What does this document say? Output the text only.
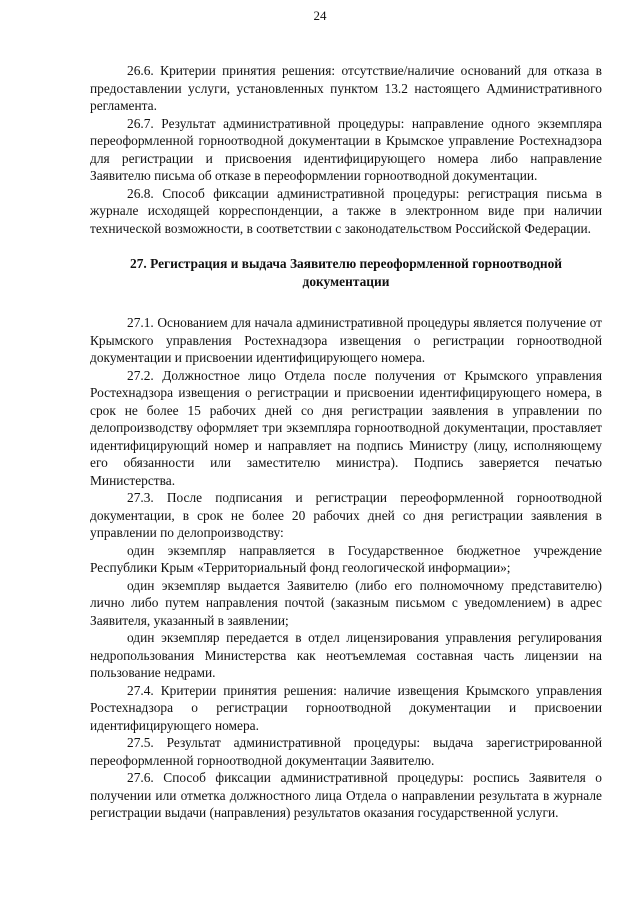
24

26.6. Критерии принятия решения: отсутствие/наличие оснований для отказа в предоставлении услуги, установленных пунктом 13.2 настоящего Административного регламента.

26.7. Результат административной процедуры: направление одного экземпляра переоформленной горноотводной документации в Крымское управление Ростехнадзора для регистрации и присвоения идентифицирующего номера либо направление Заявителю письма об отказе в переоформлении горноотводной документации.

26.8. Способ фиксации административной процедуры: регистрация письма в журнале исходящей корреспонденции, а также в электронном виде при наличии технической возможности, в соответствии с законодательством Российской Федерации.

27. Регистрация и выдача Заявителю переоформленной горноотводной документации

27.1. Основанием для начала административной процедуры является получение от Крымского управления Ростехнадзора извещения о регистрации горноотводной документации и присвоении идентифицирующего номера.

27.2. Должностное лицо Отдела после получения от Крымского управления Ростехнадзора извещения о регистрации и присвоении идентифицирующего номера, в срок не более 15 рабочих дней со дня регистрации заявления в управлении по делопроизводству оформляет три экземпляра горноотводной документации, проставляет идентифицирующий номер и направляет на подпись Министру (лицу, исполняющему его обязанности или заместителю министра). Подпись заверяется печатью Министерства.

27.3. После подписания и регистрации переоформленной горноотводной документации, в срок не более 20 рабочих дней со дня регистрации заявления в управлении по делопроизводству:

один экземпляр направляется в Государственное бюджетное учреждение Республики Крым «Территориальный фонд геологической информации»;

один экземпляр выдается Заявителю (либо его полномочному представителю) лично либо путем направления почтой (заказным письмом с уведомлением) в адрес Заявителя, указанный в заявлении;

один экземпляр передается в отдел лицензирования управления регулирования недропользования Министерства как неотъемлемая составная часть лицензии на пользование недрами.

27.4. Критерии принятия решения: наличие извещения Крымского управления Ростехнадзора о регистрации горноотводной документации и присвоении идентифицирующего номера.

27.5. Результат административной процедуры: выдача зарегистрированной переоформленной горноотводной документации Заявителю.

27.6. Способ фиксации административной процедуры: роспись Заявителя о получении или отметка должностного лица Отдела о направлении результата в журнале регистрации выдачи (направления) результатов оказания государственной услуги.
